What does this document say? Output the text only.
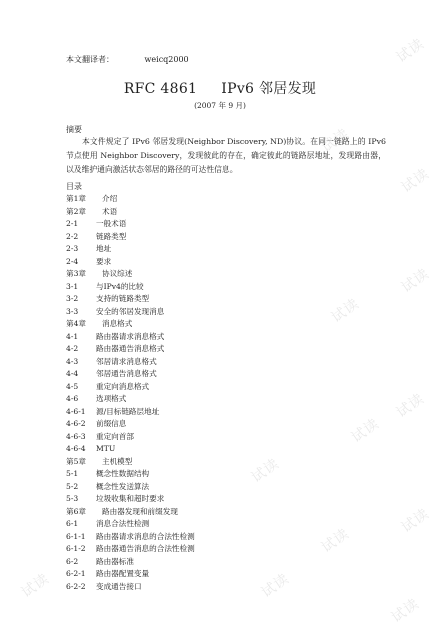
试读
试读
试读
试读
试读
试读
试读
试读
试读
试读
试读
试读
试读
本文翻译者：	weicq2000
RFC 4861 IPv6 邻居发现
(2007 年 9 月)
摘要
本文件规定了 IPv6 邻居发现(Neighbor Discovery, ND)协议。在同一链路上的 IPv6 节点使用 Neighbor Discovery，发现彼此的存在，确定彼此的链路层地址，发现路由器，以及维护通向激活状态邻居的路径的可达性信息。
目录
第1章 介绍
第2章 术语
2-1 一般术语
2-2 链路类型
2-3 地址
2-4 要求
第3章 协议综述
3-1 与IPv4的比较
3-2 支持的链路类型
3-3 安全的邻居发现消息
第4章 消息格式
4-1 路由器请求消息格式
4-2 路由器通告消息格式
4-3 邻居请求消息格式
4-4 邻居通告消息格式
4-5 重定向消息格式
4-6 选项格式
4-6-1 源/目标链路层地址
4-6-2 前缀信息
4-6-3 重定向首部
4-6-4 MTU
第5章 主机模型
5-1 概念性数据结构
5-2 概念性发送算法
5-3 垃圾收集和超时要求
第6章 路由器发现和前缀发现
6-1 消息合法性检测
6-1-1 路由器请求消息的合法性检测
6-1-2 路由器通告消息的合法性检测
6-2 路由器标准
6-2-1 路由器配置变量
6-2-2 变成通告接口
